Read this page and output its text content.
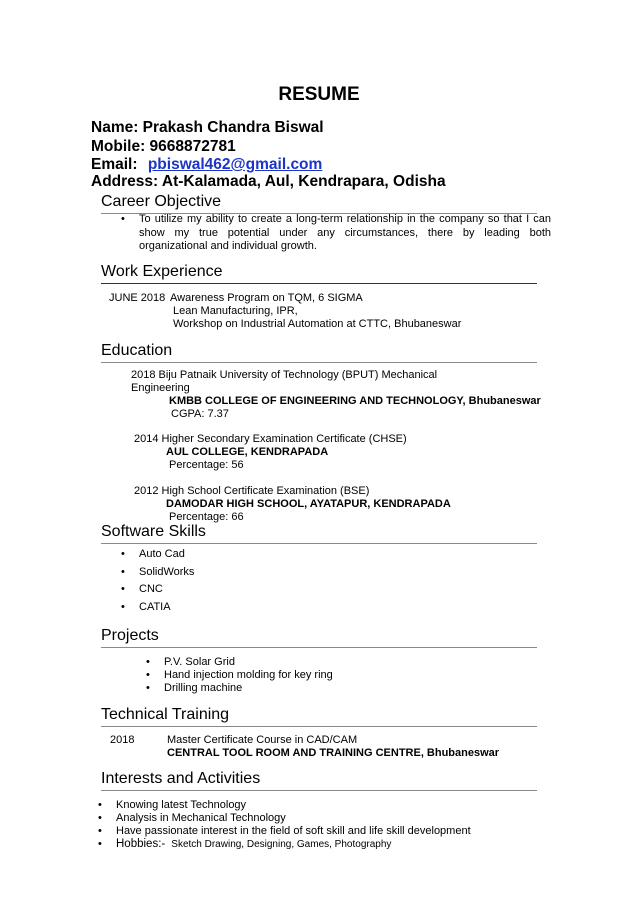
RESUME
Name: Prakash Chandra Biswal
Mobile: 9668872781
Email: pbiswal462@gmail.com
Address: At-Kalamada, Aul, Kendrapara, Odisha
Career Objective
To utilize my ability to create a long-term relationship in the company so that I can show my true potential under any circumstances, there by leading both organizational and individual growth.
Work Experience
JUNE 2018 Awareness Program on TQM, 6 SIGMA
Lean Manufacturing, IPR,
Workshop on Industrial Automation at CTTC, Bhubaneswar
Education
2018 Biju Patnaik University of Technology (BPUT) Mechanical
Engineering
KMBB COLLEGE OF ENGINEERING AND TECHNOLOGY, Bhubaneswar
CGPA: 7.37
2014 Higher Secondary Examination Certificate (CHSE)
AUL COLLEGE, KENDRAPADA
Percentage: 56
2012 High School Certificate Examination (BSE)
DAMODAR HIGH SCHOOL, AYATAPUR, KENDRAPADA
Percentage: 66
Software Skills
• Auto Cad
• SolidWorks
• CNC
• CATIA
Projects
• P.V. Solar Grid
• Hand injection molding for key ring
• Drilling machine
Technical Training
2018	Master Certificate Course in CAD/CAM
CENTRAL TOOL ROOM AND TRAINING CENTRE, Bhubaneswar
Interests and Activities
• Knowing latest Technology
• Analysis in Mechanical Technology
• Have passionate interest in the field of soft skill and life skill development
• Hobbies:- Sketch Drawing, Designing, Games, Photography
